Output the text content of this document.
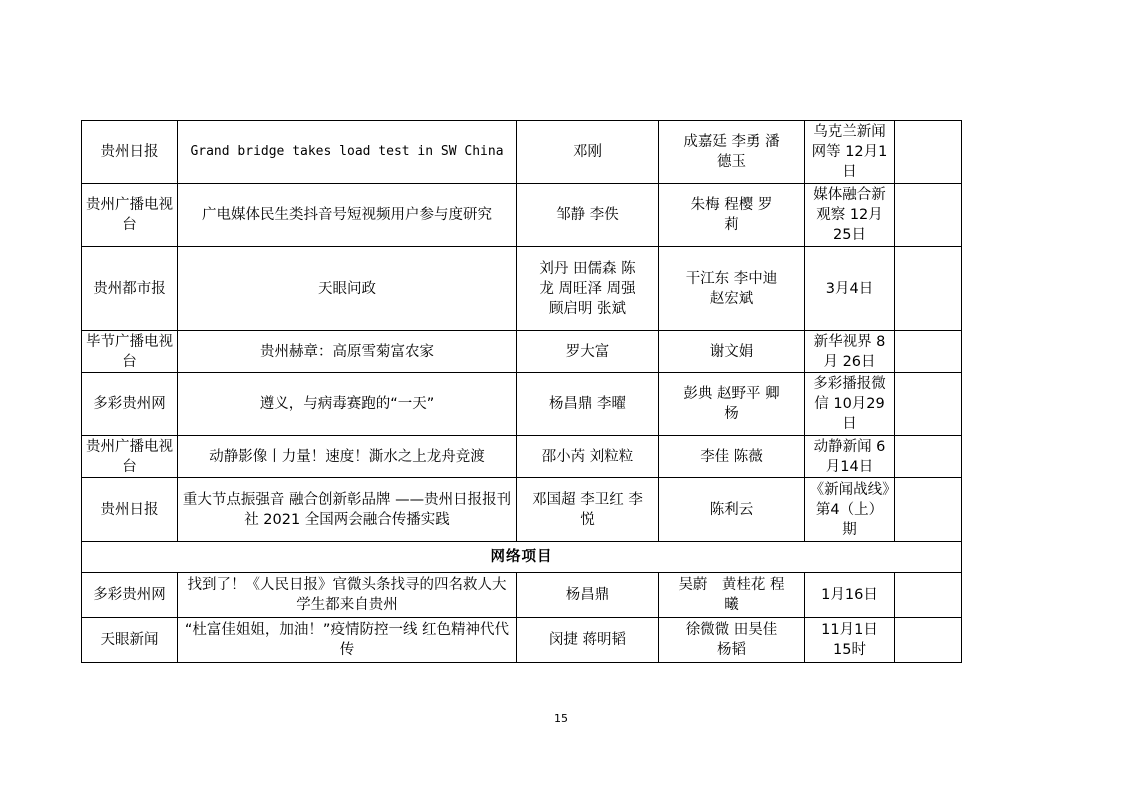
贵州日报	Grand bridge takes load test in SW China	邓刚	成嘉廷 李勇 潘德玉	乌克兰新闻网等 12月1日	
贵州广播电视台	广电媒体民生类抖音号短视频用户参与度研究	邹静 李佚	朱梅 程樱 罗莉	媒体融合新观察 12月25日	
贵州都市报	天眼问政	刘丹 田儒森 陈龙 周旺泽 周强 顾启明 张斌	干江东 李中迪 赵宏斌	3月4日	
毕节广播电视台	贵州赫章：高原雪菊富农家	罗大富	谢文娟	新华视界 8月 26日	
多彩贵州网	遵义，与病毒赛跑的“一天”	杨昌鼎 李曜	彭典 赵野平 卿杨	多彩播报微信 10月29日	
贵州广播电视台	动静影像丨力量！速度！澌水之上龙舟竞渡	邵小芮 刘粒粒	李佳 陈薇	动静新闻 6月14日	
贵州日报	重大节点振强音 融合创新彰品牌 ——贵州日报报刊社 2021 全国两会融合传播实践	邓国超 李卫红 李悦	陈利云	《新闻战线》第4（上）期	
网络项目					
多彩贵州网	找到了！《人民日报》官微头条找寻的四名救人大学生都来自贵州	杨昌鼎	吴蔚　黄桂花 程曦	1月16日	
天眼新闻	“杜富佳姐姐，加油！”疫情防控一线 红色精神代代传	闵捷 蒋明韬	徐微微 田昊佳 杨韬	11月1日 15时	
15
